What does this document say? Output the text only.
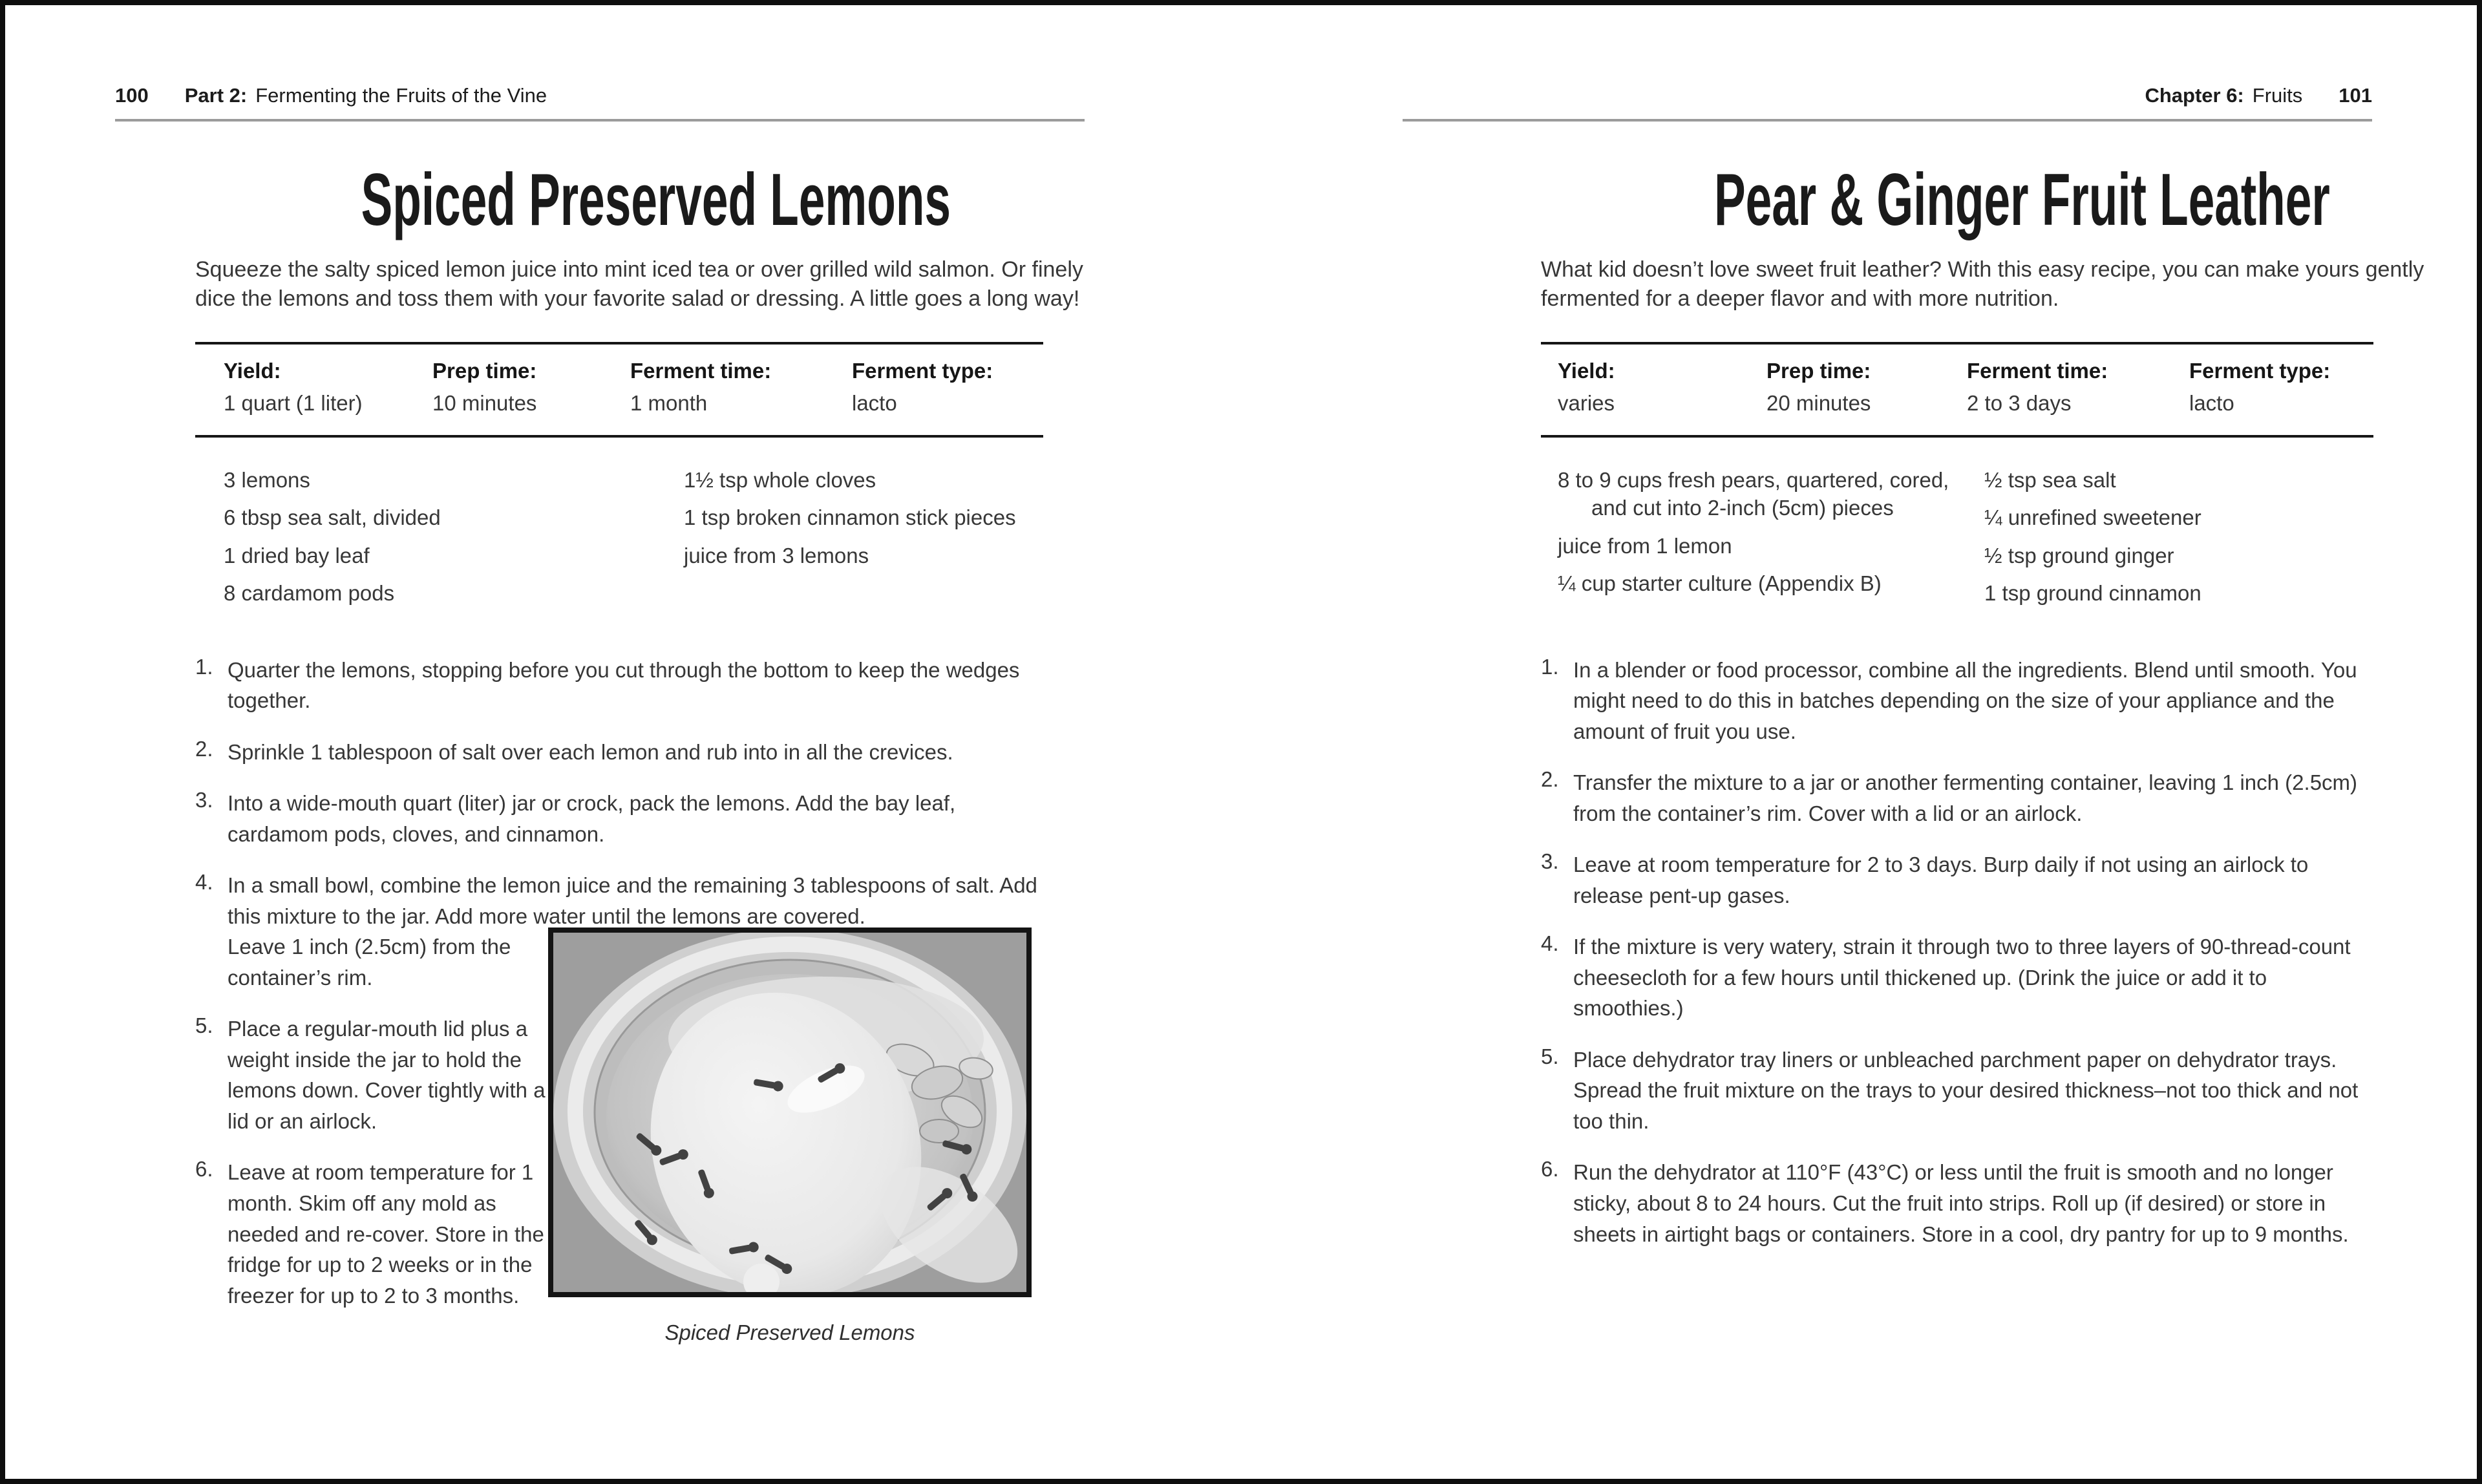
100 Part 2: Fermenting the Fruits of the Vine
Spiced Preserved Lemons
Squeeze the salty spiced lemon juice into mint iced tea or over grilled wild salmon. Or finely dice the lemons and toss them with your favorite salad or dressing. A little goes a long way!
Yield:
1 quart (1 liter)
Prep time:
10 minutes
Ferment time:
1 month
Ferment type:
lacto
3 lemons
6 tbsp sea salt, divided
1 dried bay leaf
8 cardamom pods
1½ tsp whole cloves
1 tsp broken cinnamon stick pieces
juice from 3 lemons
1. Quarter the lemons, stopping before you cut through the bottom to keep the wedges together.
2. Sprinkle 1 tablespoon of salt over each lemon and rub into in all the crevices.
3. Into a wide-mouth quart (liter) jar or crock, pack the lemons. Add the bay leaf, cardamom pods, cloves, and cinnamon.
4. In a small bowl, combine the lemon juice and the remaining 3 tablespoons of salt. Add this mixture to the jar. Add more water until the lemons are covered.
Leave 1 inch (2.5cm) from the container’s rim.
5. Place a regular-mouth lid plus a weight inside the jar to hold the lemons down. Cover tightly with a lid or an airlock.
6. Leave at room temperature for 1 month. Skim off any mold as needed and re-cover. Store in the fridge for up to 2 weeks or in the freezer for up to 2 to 3 months.
Spiced Preserved Lemons
Chapter 6: Fruits 101
Pear & Ginger Fruit Leather
What kid doesn’t love sweet fruit leather? With this easy recipe, you can make yours gently fermented for a deeper flavor and with more nutrition.
Yield:
varies
Prep time:
20 minutes
Ferment time:
2 to 3 days
Ferment type:
lacto
8 to 9 cups fresh pears, quartered, cored, and cut into 2-inch (5cm) pieces
juice from 1 lemon
¼ cup starter culture (Appendix B)
½ tsp sea salt
¼ unrefined sweetener
½ tsp ground ginger
1 tsp ground cinnamon
1. In a blender or food processor, combine all the ingredients. Blend until smooth. You might need to do this in batches depending on the size of your appliance and the amount of fruit you use.
2. Transfer the mixture to a jar or another fermenting container, leaving 1 inch (2.5cm) from the container’s rim. Cover with a lid or an airlock.
3. Leave at room temperature for 2 to 3 days. Burp daily if not using an airlock to release pent-up gases.
4. If the mixture is very watery, strain it through two to three layers of 90-thread-count cheesecloth for a few hours until thickened up. (Drink the juice or add it to smoothies.)
5. Place dehydrator tray liners or unbleached parchment paper on dehydrator trays. Spread the fruit mixture on the trays to your desired thickness–not too thick and not too thin.
6. Run the dehydrator at 110°F (43°C) or less until the fruit is smooth and no longer sticky, about 8 to 24 hours. Cut the fruit into strips. Roll up (if desired) or store in sheets in airtight bags or containers. Store in a cool, dry pantry for up to 9 months.
